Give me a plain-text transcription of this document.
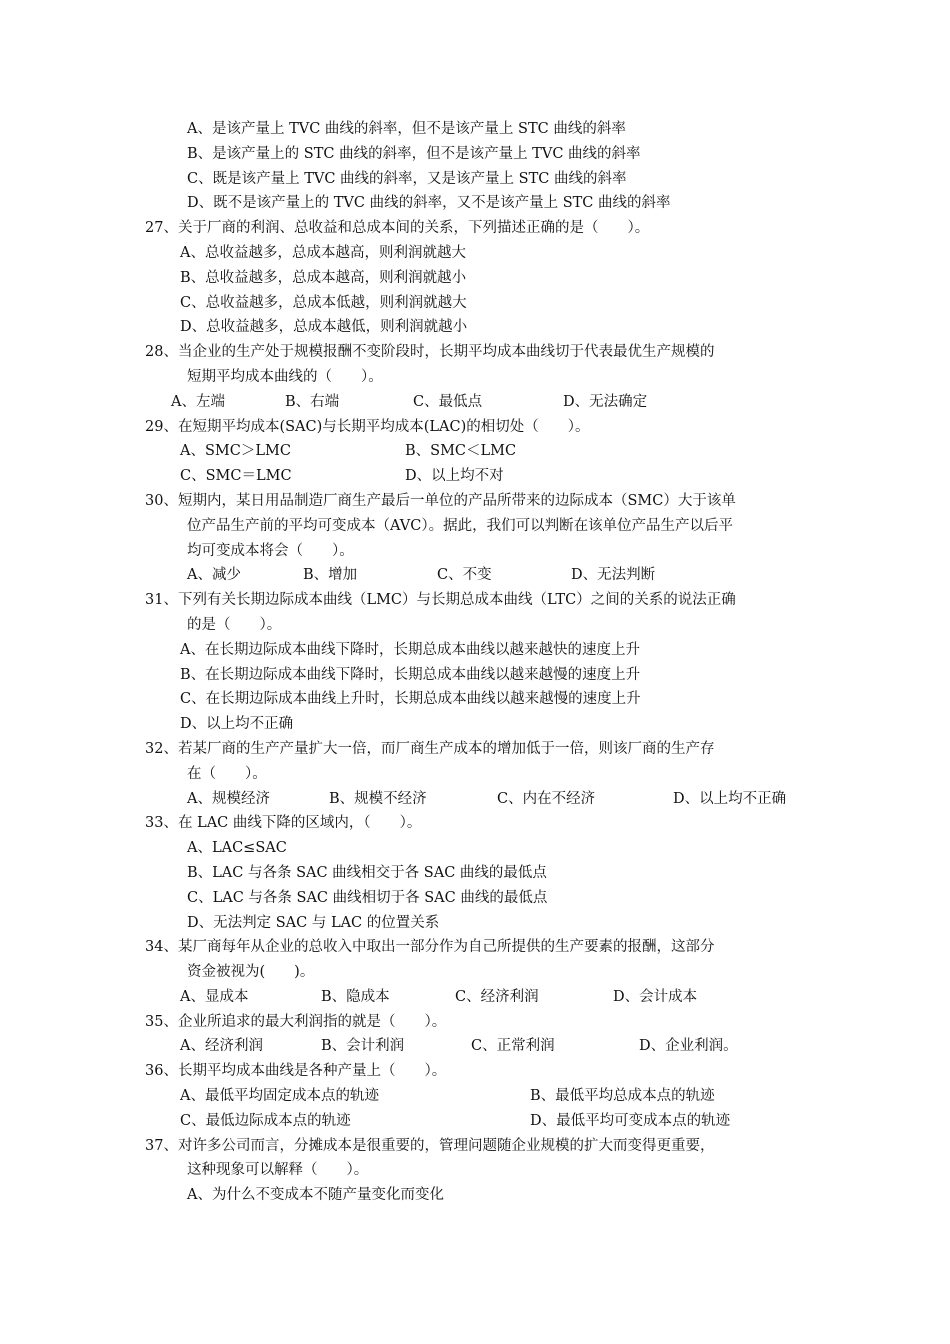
A、是该产量上 TVC 曲线的斜率，但不是该产量上 STC 曲线的斜率
B、是该产量上的 STC 曲线的斜率，但不是该产量上 TVC 曲线的斜率
C、既是该产量上 TVC 曲线的斜率，又是该产量上 STC 曲线的斜率
D、既不是该产量上的 TVC 曲线的斜率，又不是该产量上 STC 曲线的斜率
27、关于厂商的利润、总收益和总成本间的关系，下列描述正确的是（　　）。
A、总收益越多，总成本越高，则利润就越大
B、总收益越多，总成本越高，则利润就越小
C、总收益越多，总成本低越，则利润就越大
D、总收益越多，总成本越低，则利润就越小
28、当企业的生产处于规模报酬不变阶段时，长期平均成本曲线切于代表最优生产规模的
短期平均成本曲线的（　　）。
A、左端	B、右端	C、最低点	D、无法确定
29、在短期平均成本(SAC)与长期平均成本(LAC)的相切处（　　）。
A、SMC＞LMC	B、SMC＜LMC
C、SMC＝LMC	D、以上均不对
30、短期内，某日用品制造厂商生产最后一单位的产品所带来的边际成本（SMC）大于该单
位产品生产前的平均可变成本（AVC）。据此，我们可以判断在该单位产品生产以后平
均可变成本将会（　　）。
A、减少	B、增加	C、不变	D、无法判断
31、下列有关长期边际成本曲线（LMC）与长期总成本曲线（LTC）之间的关系的说法正确
的是（　　）。
A、在长期边际成本曲线下降时，长期总成本曲线以越来越快的速度上升
B、在长期边际成本曲线下降时，长期总成本曲线以越来越慢的速度上升
C、在长期边际成本曲线上升时，长期总成本曲线以越来越慢的速度上升
D、以上均不正确
32、若某厂商的生产产量扩大一倍，而厂商生产成本的增加低于一倍，则该厂商的生产存
在（　　）。
A、规模经济	B、规模不经济	C、内在不经济	D、以上均不正确
33、在 LAC 曲线下降的区域内，（　　）。
A、LAC≤SAC
B、LAC 与各条 SAC 曲线相交于各 SAC 曲线的最低点
C、LAC 与各条 SAC 曲线相切于各 SAC 曲线的最低点
D、无法判定 SAC 与 LAC 的位置关系
34、某厂商每年从企业的总收入中取出一部分作为自己所提供的生产要素的报酬，这部分
资金被视为(　　)。
A、显成本	B、隐成本	C、经济利润	D、会计成本
35、企业所追求的最大利润指的就是（　　）。
A、经济利润	B、会计利润	C、正常利润	D、企业利润。
36、长期平均成本曲线是各种产量上（　　）。
A、最低平均固定成本点的轨迹	B、最低平均总成本点的轨迹
C、最低边际成本点的轨迹	D、最低平均可变成本点的轨迹
37、对许多公司而言，分摊成本是很重要的，管理问题随企业规模的扩大而变得更重要，
这种现象可以解释（　　）。
A、为什么不变成本不随产量变化而变化
